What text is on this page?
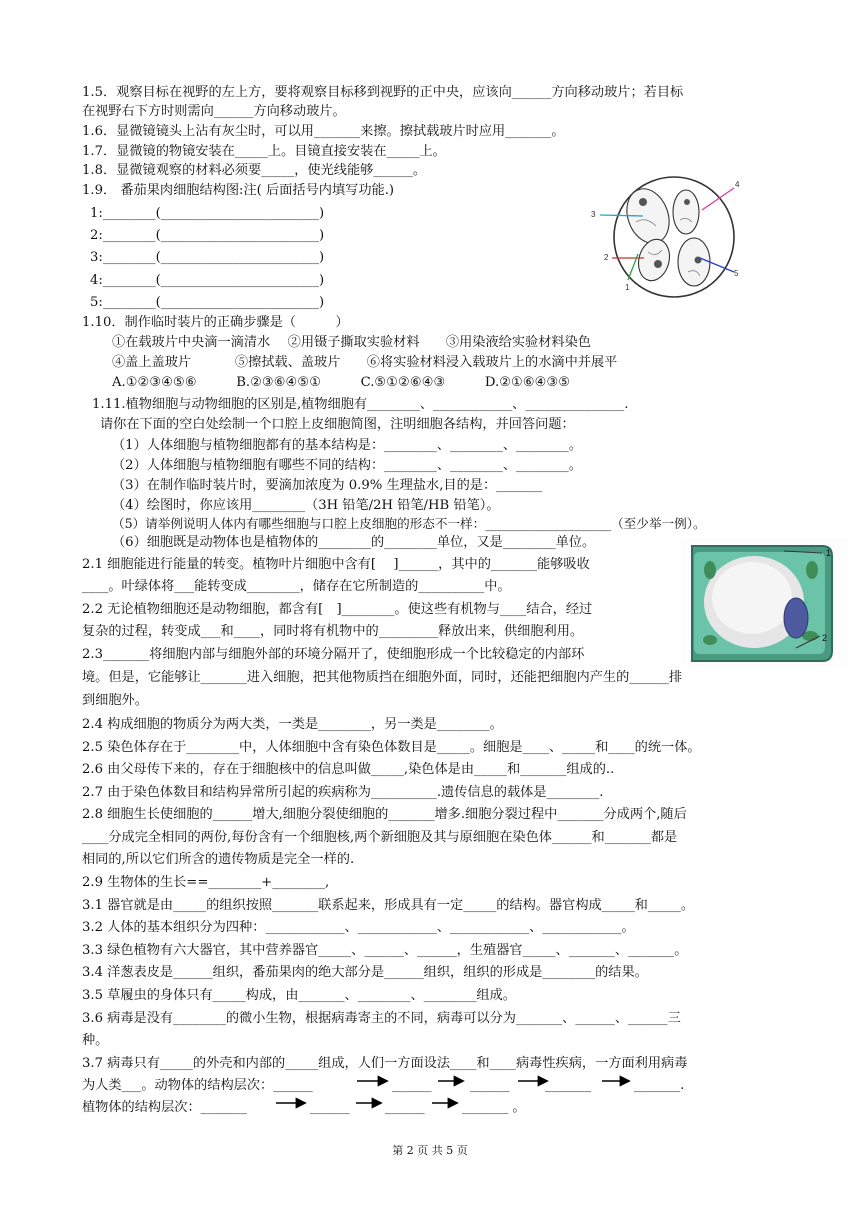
1.5．观察目标在视野的左上方，要将观察目标移到视野的正中央，应该向______方向移动玻片；若目标
在视野右下方时则需向______方向移动玻片。
1.6．显微镜镜头上沾有灰尘时，可以用_______来擦。擦拭载玻片时应用_______。
1.7．显微镜的物镜安装在_____上。目镜直接安装在_____上。
1.8．显微镜观察的材料必须要_____，使光线能够______。
1.9． 番茄果肉细胞结构图:注( 后面括号内填写功能.)
1:________(________________________)
2:________(________________________)
3:________(________________________)
4:________(________________________)
5:________(________________________)
1.10．制作临时装片的正确步骤是（　　　）
①在载玻片中央滴一滴清水　 ②用镊子撕取实验材料　　③用染液给实验材料染色
④盖上盖玻片　　　 ⑤擦拭载、盖玻片　　⑥将实验材料浸入载玻片上的水滴中并展平
A.①②③④⑤⑥　　　B.②③⑥④⑤①　　　C.⑤①②⑥④③　　　D.②①⑥④③⑤
1.11.植物细胞与动物细胞的区别是,植物细胞有________、____________、_______________.
请你在下面的空白处绘制一个口腔上皮细胞简图，注明细胞各结构，并回答问题：
（1）人体细胞与植物细胞都有的基本结构是：________、________、________。
（2）人体细胞与植物细胞有哪些不同的结构：________、________、________。
（3）在制作临时装片时，要滴加浓度为 0.9% 生理盐水,目的是：_______
（4）绘图时，你应该用________（3H 铅笔/2H 铅笔/HB 铅笔）。
（5）请举例说明人体内有哪些细胞与口腔上皮细胞的形态不一样：____________________（至少举一例）。
（6）细胞既是动物体也是植物体的________的________单位，又是________单位。
2.1 细胞能进行能量的转变。植物叶片细胞中含有[　 ]______，其中的_______能够吸收
____。叶绿体将___能转变成________，储存在它所制造的__________中。
2.2 无论植物细胞还是动物细胞，都含有[　]________。使这些有机物与____结合，经过
复杂的过程，转变成___和____，同时将有机物中的_________释放出来，供细胞利用。
2.3_______将细胞内部与细胞外部的环境分隔开了，使细胞形成一个比较稳定的内部环
境。但是，它能够让_______进入细胞，把其他物质挡在细胞外面，同时，还能把细胞内产生的______排
到细胞外。
2.4 构成细胞的物质分为两大类，一类是________，另一类是________。
2.5 染色体存在于________中，人体细胞中含有染色体数目是_____。细胞是____、_____和____的统一体。
2.6 由父母传下来的，存在于细胞核中的信息叫做_____,染色体是由_____和_______组成的..
2.7 由于染色体数目和结构异常所引起的疾病称为__________.遗传信息的载体是________.
2.8 细胞生长使细胞的______增大,细胞分裂使细胞的_______增多.细胞分裂过程中_______分成两个,随后
____分成完全相同的两份,每份含有一个细胞核,两个新细胞及其与原细胞在染色体______和_______都是
相同的,所以它们所含的遗传物质是完全一样的.
2.9 生物体的生长==________+________,
3.1 器官就是由_____的组织按照_______联系起来，形成具有一定_____的结构。器官构成_____和_____。
3.2 人体的基本组织分为四种：____________、____________、____________、____________。
3.3 绿色植物有六大器官，其中营养器官_____、______、______，生殖器官_____、_______、_______。
3.4 洋葱表皮是______组织，番茄果肉的绝大部分是______组织，组织的形成是________的结果。
3.5 草履虫的身体只有_____构成，由_______、________、________组成。
3.6 病毒是没有________的微小生物，根据病毒寄主的不同，病毒可以分为_______、______、______三
种。
3.7 病毒只有_____的外壳和内部的_____组成，人们一方面设法____和____病毒性疾病，一方面利用病毒
为人类___。动物体的结构层次：______
植物体的结构层次：_______
______	______	_______	_______.
______	______	_______ 。
3
4
2
5
1
1
2
第 2 页 共 5 页
